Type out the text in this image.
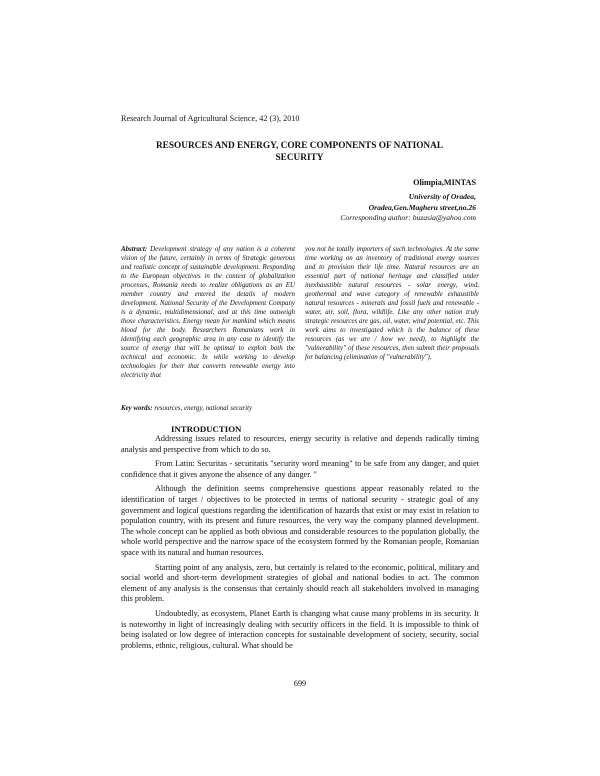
Research Journal of Agricultural Science, 42 (3), 2010
RESOURCES AND ENERGY, CORE COMPONENTS OF NATIONAL
SECURITY
Olimpia,MINTAS
University of Oradea,
Oradea,Gen.Magheru street,no.26
Corresponding author: buzasia@yahoo.com
Abstract: Development strategy of any nation is a coherent vision of the future, certainly in terms of Strategic generous and realistic concept of sustainable development. Responding to the European objectives in the context of globalization processes, Romania needs to realize obligations as an EU member country and entered the details of modern development. National Security of the Development Company is a dynamic, multidimensional, and at this time outweigh those characteristics. Energy mean for mankind which means blood for the body. Researchers Romanians work in identifying each geographic area in any case to identify the source of energy that will be optimal to exploit both the technical and economic. In while working to develop technologies for their that converts renewable energy into electricity that
you not be totally importers of such technologies. At the same time working on an inventory of traditional energy sources and to provision their life time. Natural resources are an essential part of national heritage and classified under inexhaustible natural resources - solar energy, wind, geothermal and wave category of renewable exhaustible natural resources - minerals and fossil fuels and renewable - water, air, soil, flora, wildlife. Like any other nation truly strategic resources are gas, oil, water, wind potential, etc. This work aims to investigated which is the balance of these resources (as we are / how we need), to highlight the "vulnerability" of these resources, then submit their proposals for balancing (elimination of "vulnerability").
Key words: resources, energy, national security
INTRODUCTION

Addressing issues related to resources, energy security is relative and depends radically timing analysis and perspective from which to do so.

From Latin: Securitas - securitatis "security word meaning" to be safe from any danger, and quiet confidence that it gives anyone the absence of any danger. "

Although the definition seems comprehensive questions appear reasonably related to the identification of target / objectives to be protected in terms of national security - strategic goal of any government and logical questions regarding the identification of hazards that exist or may exist in relation to population country, with its present and future resources, the very way the company planned development. The whole concept can be applied as both obvious and considerable resources to the population globally, the whole world perspective and the narrow space of the ecosystem formed by the Romanian people, Romanian space with its natural and human resources.

Starting point of any analysis, zero, but certainly is related to the economic, political, military and social world and short-term development strategies of global and national bodies to act. The common element of any analysis is the consensus that certainly should reach all stakeholders involved in managing this problem.

Undoubtedly, as ecosystem, Planet Earth is changing what cause many problems in its security. It is noteworthy in light of increasingly dealing with security officers in the field. It is impossible to think of being isolated or low degree of interaction concepts for sustainable development of society, security, social problems, ethnic, religious, cultural. What should be

699
